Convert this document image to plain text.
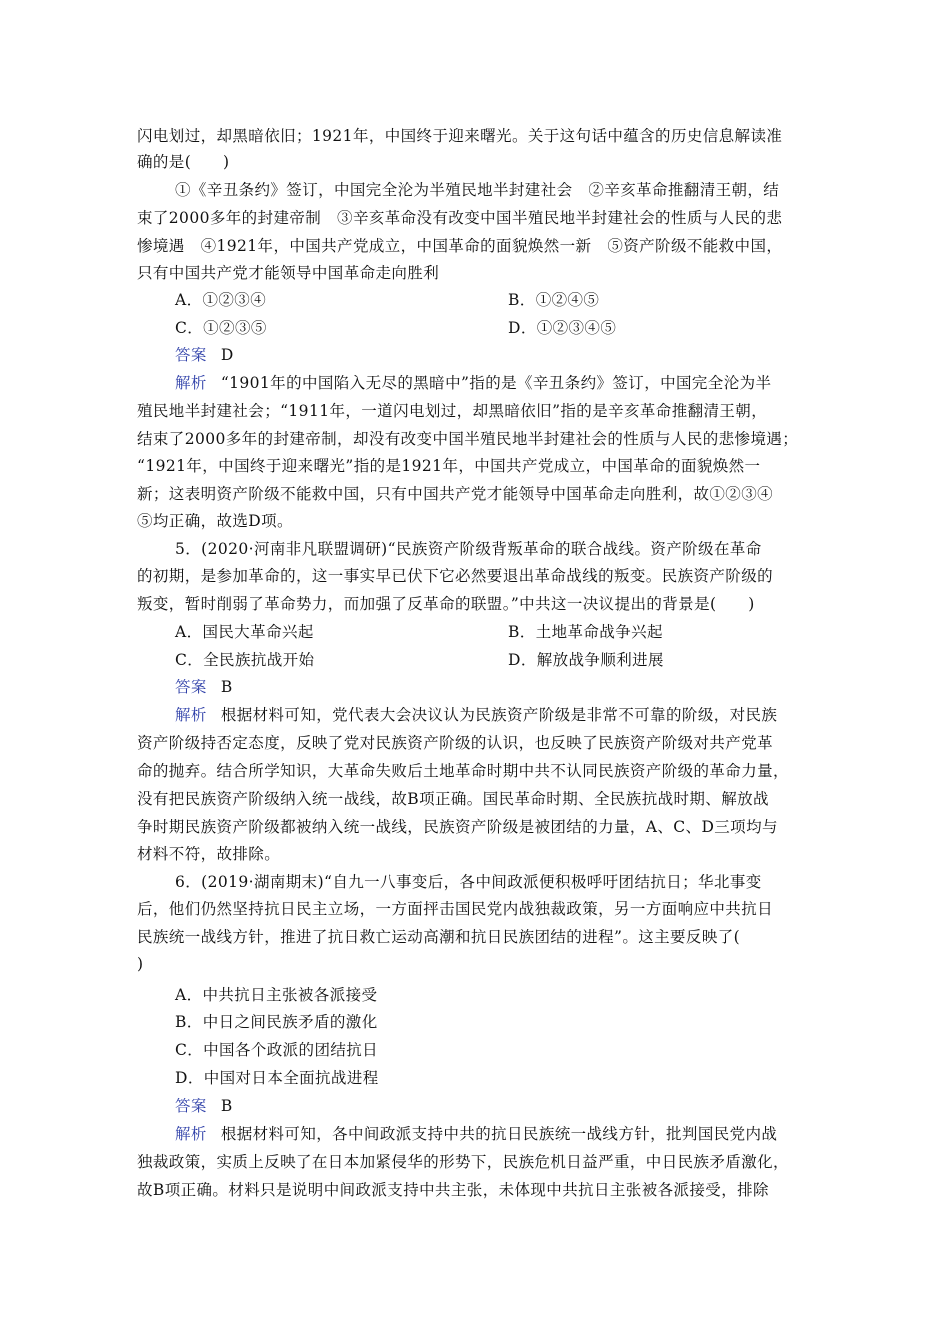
闪电划过，却黑暗依旧；1921年，中国终于迎来曙光。关于这句话中蕴含的历史信息解读准
确的是(　　)
①《辛丑条约》签订，中国完全沦为半殖民地半封建社会　②辛亥革命推翻清王朝，结
束了2000多年的封建帝制　③辛亥革命没有改变中国半殖民地半封建社会的性质与人民的悲
惨境遇　④1921年，中国共产党成立，中国革命的面貌焕然一新　⑤资产阶级不能救中国，
只有中国共产党才能领导中国革命走向胜利
A．①②③④	B．①②④⑤
C．①②③⑤	D．①②③④⑤
答案 D
解析 “1901年的中国陷入无尽的黑暗中”指的是《辛丑条约》签订，中国完全沦为半
殖民地半封建社会；“1911年，一道闪电划过，却黑暗依旧”指的是辛亥革命推翻清王朝，
结束了2000多年的封建帝制，却没有改变中国半殖民地半封建社会的性质与人民的悲惨境遇；
“1921年，中国终于迎来曙光”指的是1921年，中国共产党成立，中国革命的面貌焕然一
新；这表明资产阶级不能救中国，只有中国共产党才能领导中国革命走向胜利，故①②③④
⑤均正确，故选D项。
5．(2020·河南非凡联盟调研)“民族资产阶级背叛革命的联合战线。资产阶级在革命
的初期，是参加革命的，这一事实早已伏下它必然要退出革命战线的叛变。民族资产阶级的
叛变，暂时削弱了革命势力，而加强了反革命的联盟。”中共这一决议提出的背景是(　　)
A．国民大革命兴起	B．土地革命战争兴起
C．全民族抗战开始	D．解放战争顺利进展
答案 B
解析 根据材料可知，党代表大会决议认为民族资产阶级是非常不可靠的阶级，对民族
资产阶级持否定态度，反映了党对民族资产阶级的认识，也反映了民族资产阶级对共产党革
命的抛弃。结合所学知识，大革命失败后土地革命时期中共不认同民族资产阶级的革命力量，
没有把民族资产阶级纳入统一战线，故B项正确。国民革命时期、全民族抗战时期、解放战
争时期民族资产阶级都被纳入统一战线，民族资产阶级是被团结的力量，A、C、D三项均与
材料不符，故排除。
6．(2019·湖南期末)“自九一八事变后，各中间政派便积极呼吁团结抗日；华北事变
后，他们仍然坚持抗日民主立场，一方面抨击国民党内战独裁政策，另一方面响应中共抗日
民族统一战线方针，推进了抗日救亡运动高潮和抗日民族团结的进程”。这主要反映了(
)
A．中共抗日主张被各派接受
B．中日之间民族矛盾的激化
C．中国各个政派的团结抗日
D．中国对日本全面抗战进程
答案 B
解析 根据材料可知，各中间政派支持中共的抗日民族统一战线方针，批判国民党内战
独裁政策，实质上反映了在日本加紧侵华的形势下，民族危机日益严重，中日民族矛盾激化，
故B项正确。材料只是说明中间政派支持中共主张，未体现中共抗日主张被各派接受，排除
